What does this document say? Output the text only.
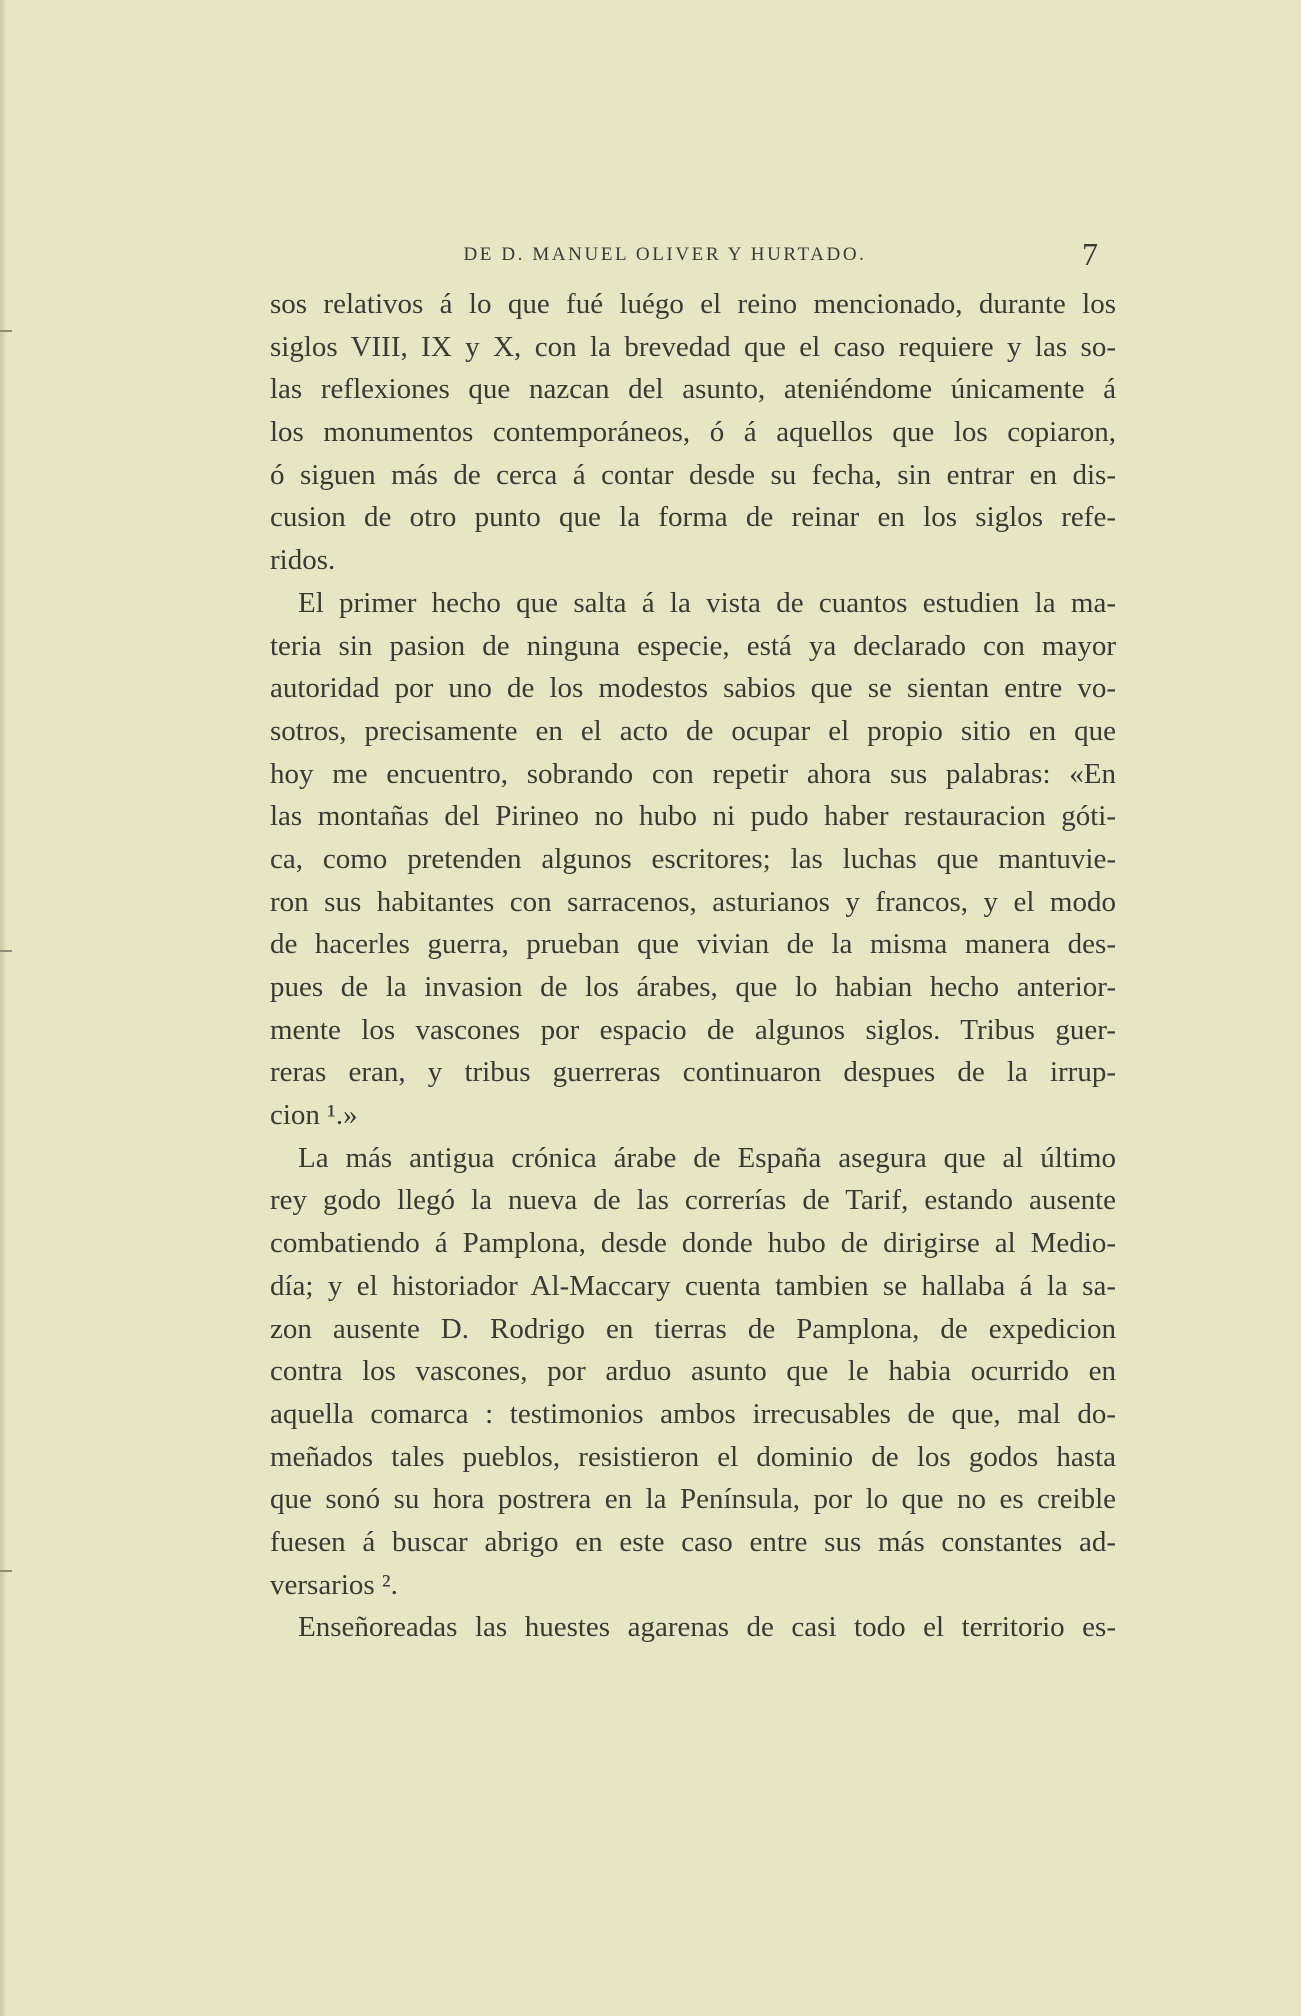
DE D. MANUEL OLIVER Y HURTADO.	7
sos relativos á lo que fué luégo el reino mencionado, durante los
siglos VIII, IX y X, con la brevedad que el caso requiere y las so-
las reflexiones que nazcan del asunto, ateniéndome únicamente á
los monumentos contemporáneos, ó á aquellos que los copiaron,
ó siguen más de cerca á contar desde su fecha, sin entrar en dis-
cusion de otro punto que la forma de reinar en los siglos refe-
ridos.
El primer hecho que salta á la vista de cuantos estudien la ma-
teria sin pasion de ninguna especie, está ya declarado con mayor
autoridad por uno de los modestos sabios que se sientan entre vo-
sotros, precisamente en el acto de ocupar el propio sitio en que
hoy me encuentro, sobrando con repetir ahora sus palabras: «En
las montañas del Pirineo no hubo ni pudo haber restauracion góti-
ca, como pretenden algunos escritores; las luchas que mantuvie-
ron sus habitantes con sarracenos, asturianos y francos, y el modo
de hacerles guerra, prueban que vivian de la misma manera des-
pues de la invasion de los árabes, que lo habian hecho anterior-
mente los vascones por espacio de algunos siglos. Tribus guer-
reras eran, y tribus guerreras continuaron despues de la irrup-
cion ¹.»
La más antigua crónica árabe de España asegura que al último
rey godo llegó la nueva de las correrías de Tarif, estando ausente
combatiendo á Pamplona, desde donde hubo de dirigirse al Medio-
día; y el historiador Al-Maccary cuenta tambien se hallaba á la sa-
zon ausente D. Rodrigo en tierras de Pamplona, de expedicion
contra los vascones, por arduo asunto que le habia ocurrido en
aquella comarca : testimonios ambos irrecusables de que, mal do-
meñados tales pueblos, resistieron el dominio de los godos hasta
que sonó su hora postrera en la Península, por lo que no es creible
fuesen á buscar abrigo en este caso entre sus más constantes ad-
versarios ².
Enseñoreadas las huestes agarenas de casi todo el territorio es-
